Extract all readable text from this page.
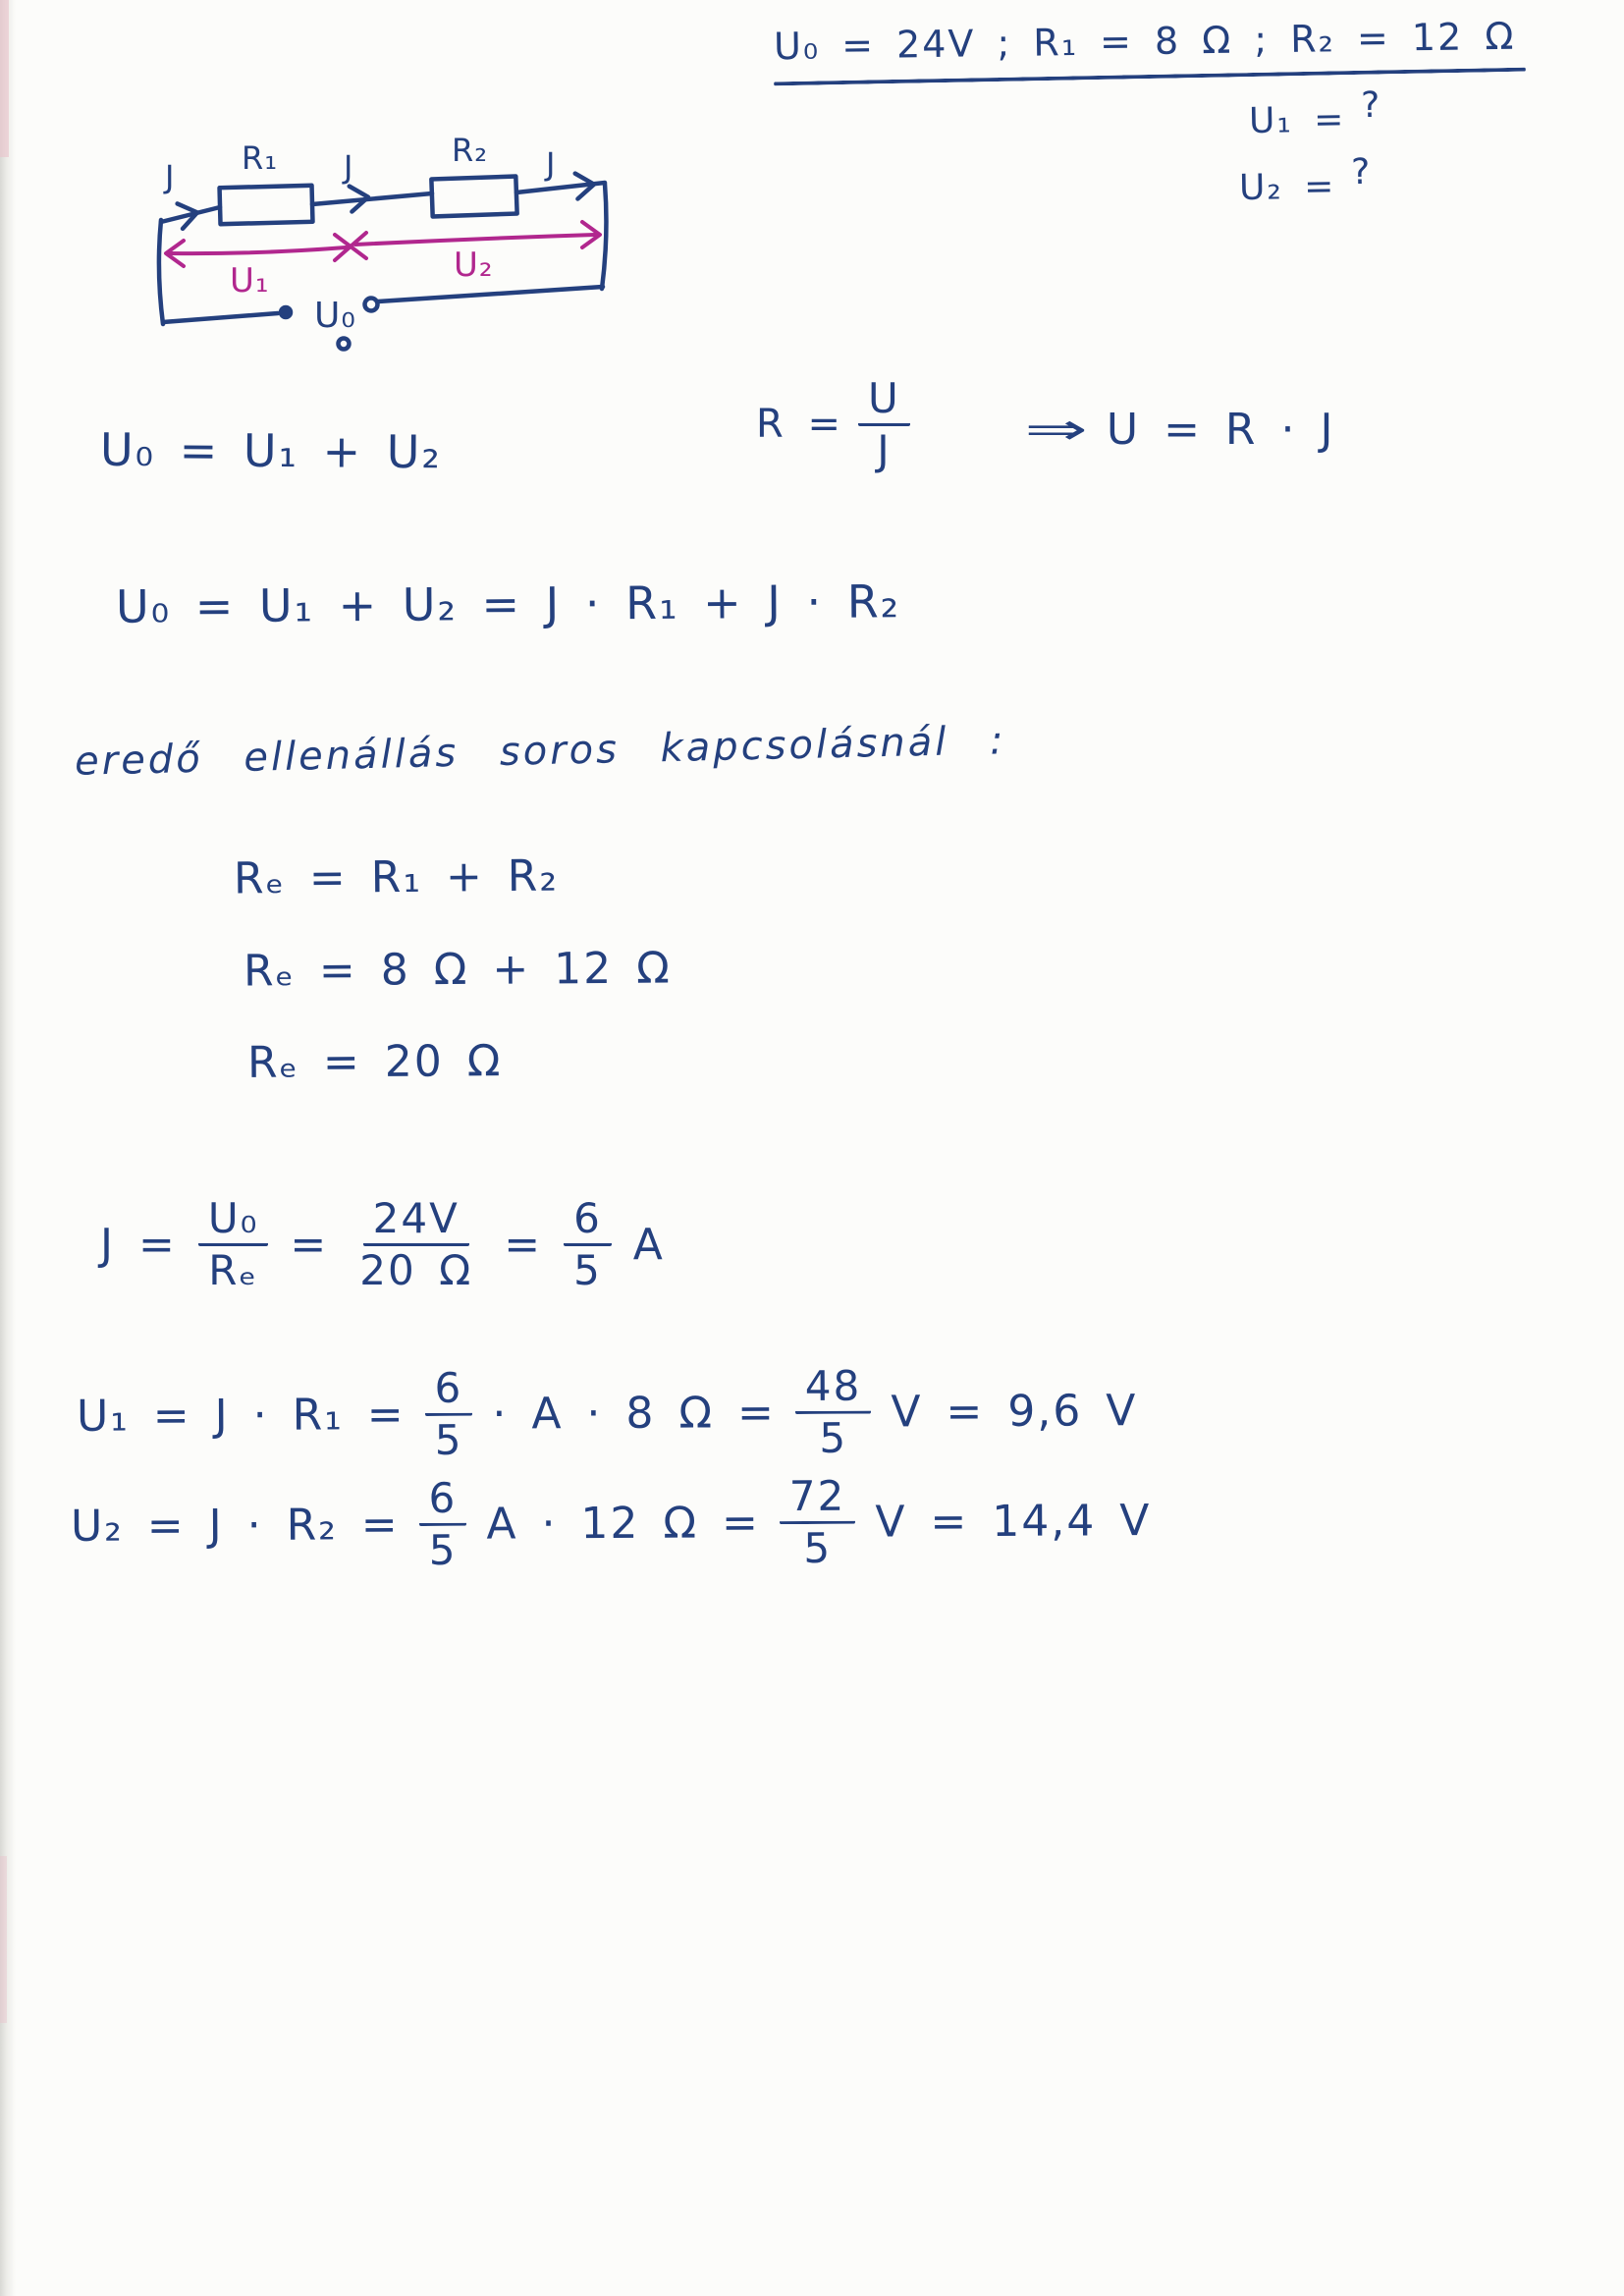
U₀ = 24V ; R₁ = 8 Ω ; R₂ = 12 Ω
U₁ = ?
U₂ = ?
J	J	J
R₁	R₂
U₀
U₁	U₂
U₀ = U₁ + U₂	$R = \frac{U}{J}$	⇒ U = R · J
U₀ = U₁ + U₂ = J · R₁ + J · R₂
eredő ellenállás soros kapcsolásnál :
Rₑ = R₁ + R₂
Rₑ = 8 Ω + 12 Ω
Rₑ = 20 Ω
$J = \frac{\text{U₀}}{\text{Rₑ}} = \frac{24V}{20 \Omega} = \frac{6}{5}$ A
$U_1 = J \cdot R_1 = \frac{6}{5} \cdot A \cdot 8$ $\Omega = \frac{48}{5}$ V = 9,6 V
$U_2 = J \cdot R_2 = \frac{6}{5}$ A · 12 $\Omega = \frac{72}{5}$ V = 14,4 V
